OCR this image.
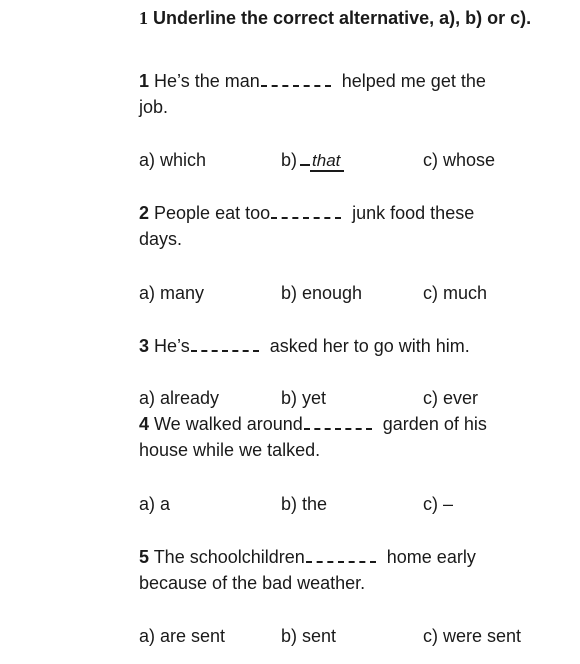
1 Underline the correct alternative, a), b) or c).
1 He’s the man	helped me get the
job.
a) which	b) that	c) whose
2 People eat too	junk food these
days.
a) many	b) enough	c) much
3 He’s	asked her to go with him.
a) already	b) yet	c) ever
4 We walked around	garden of his
house while we talked.
a) a	b) the	c) –
5 The schoolchildren	home early
because of the bad weather.
a) are sent	b) sent	c) were sent
